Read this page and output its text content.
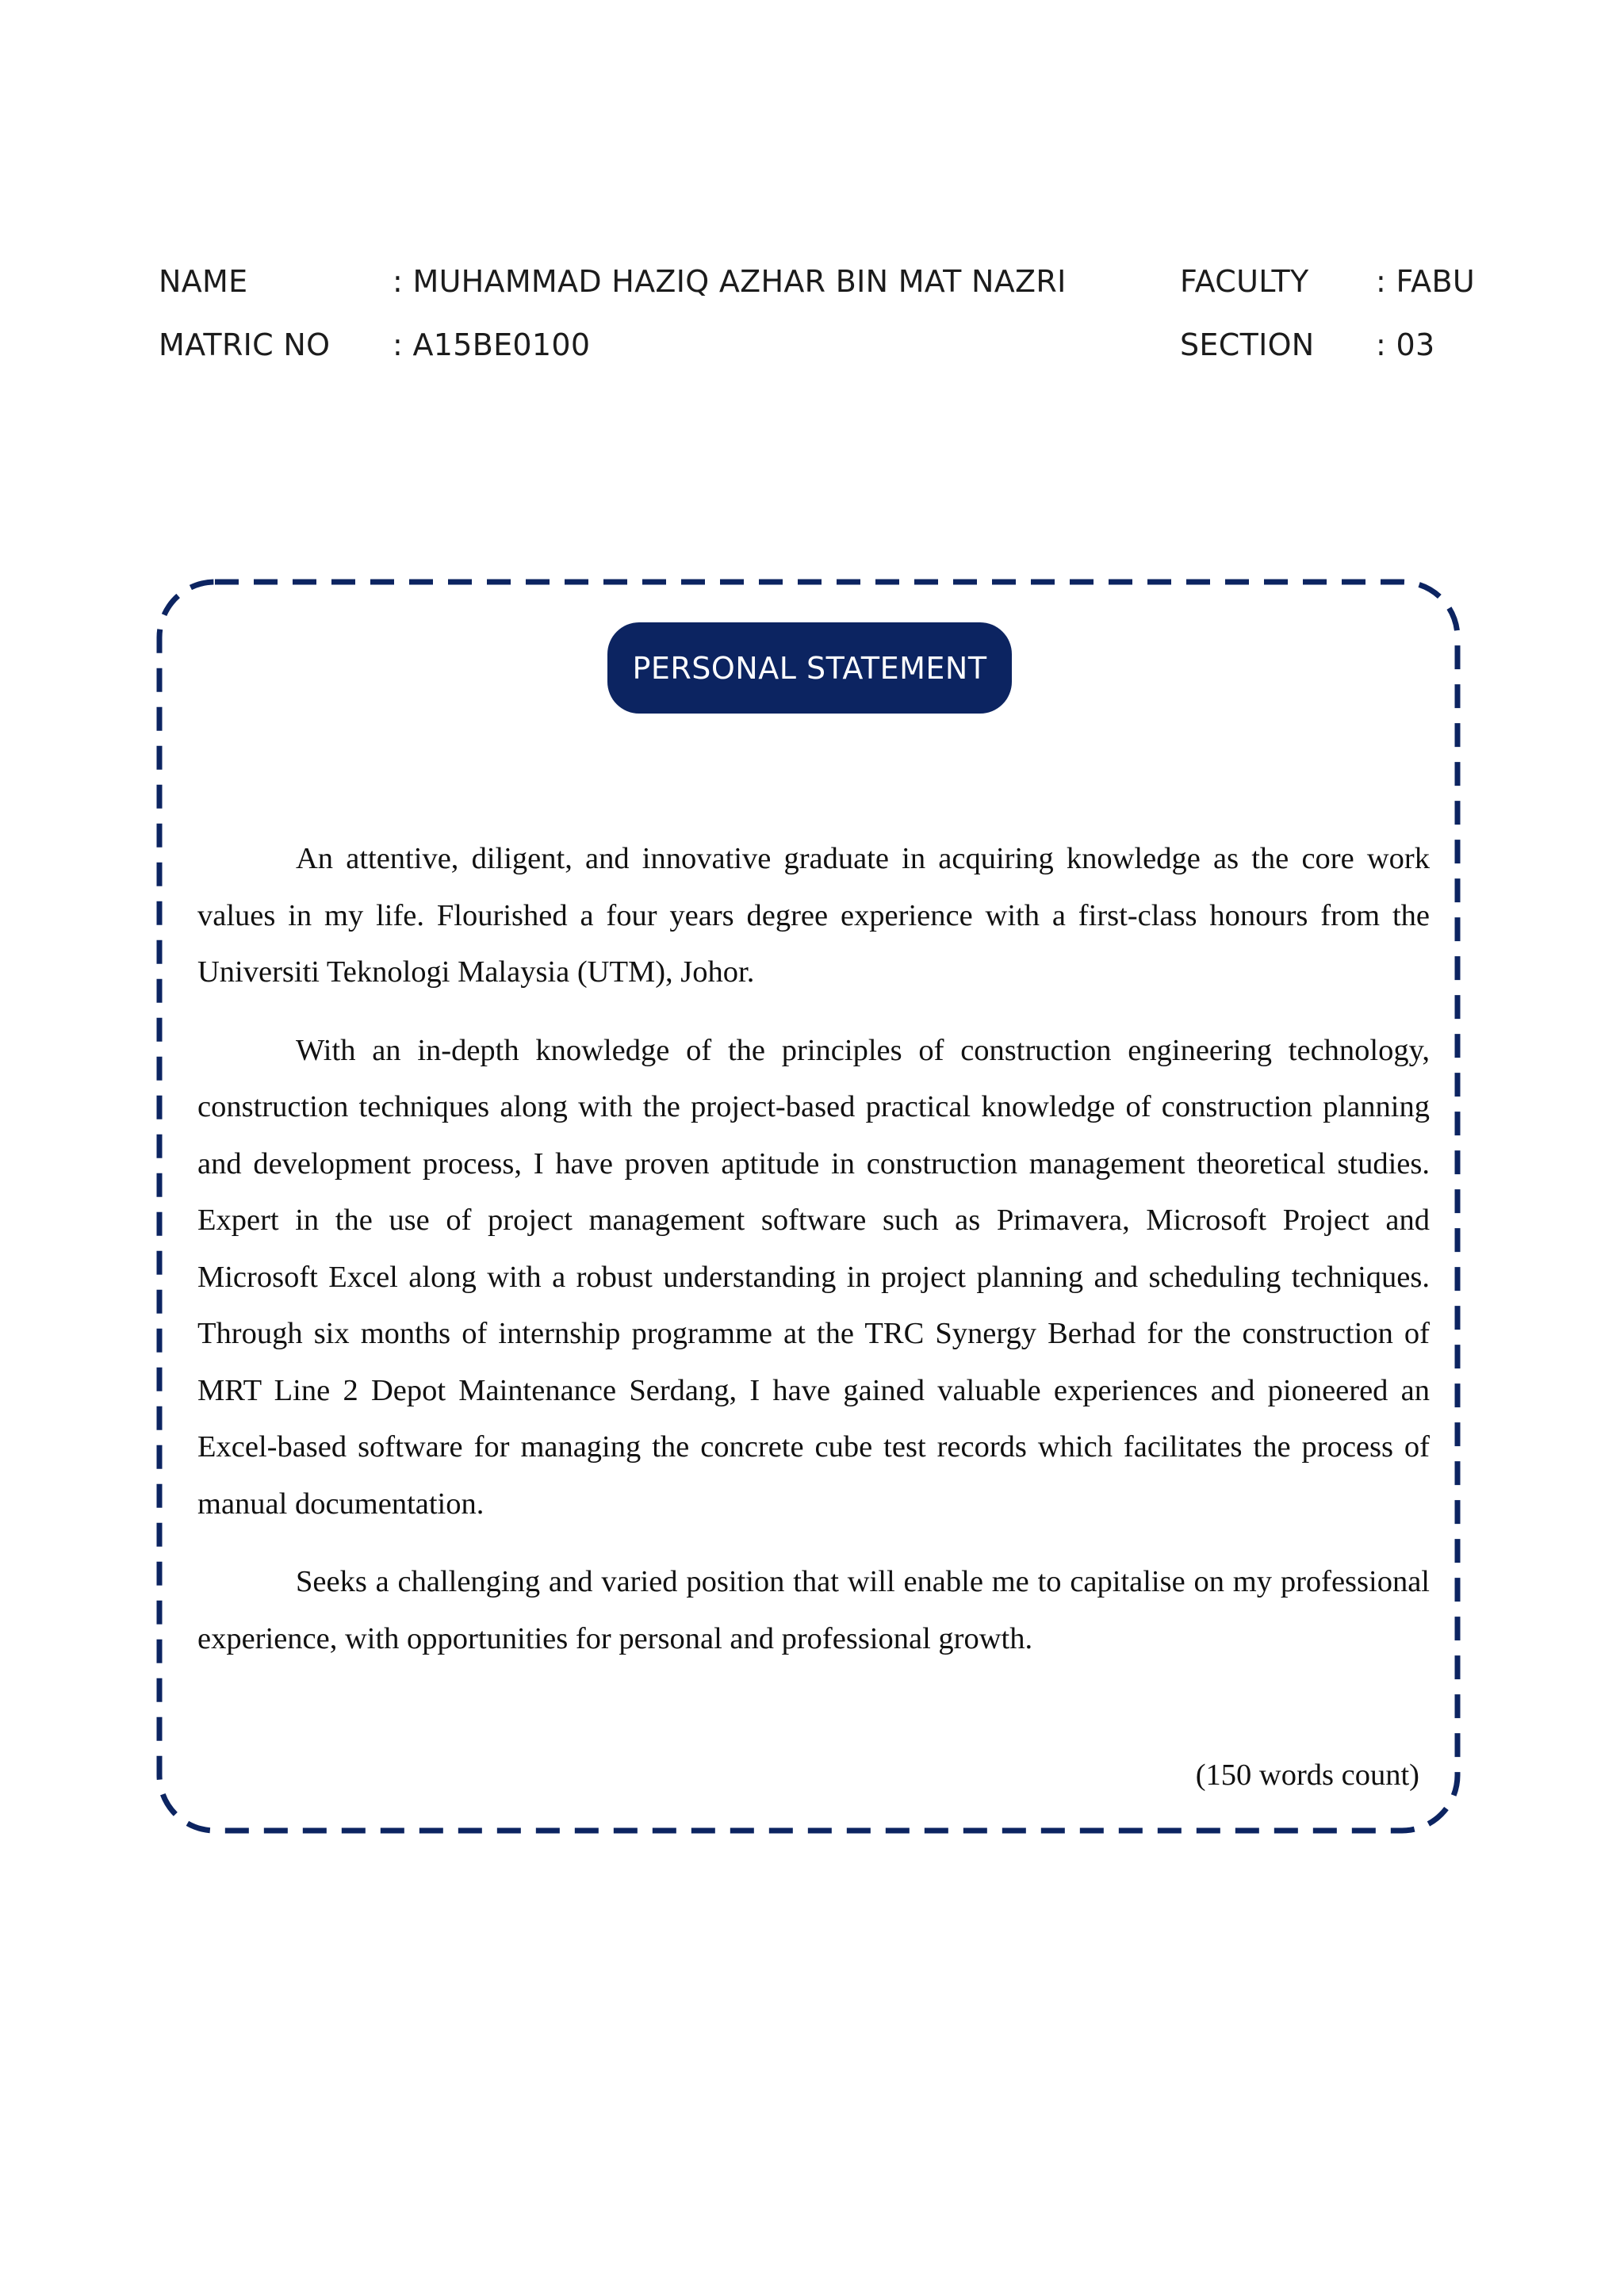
NAME	: MUHAMMAD HAZIQ AZHAR BIN MAT NAZRI	FACULTY : FABU
MATRIC NO : A15BE0100	SECTION : 03
PERSONAL STATEMENT

An attentive, diligent, and innovative graduate in acquiring knowledge as the core work values in my life. Flourished a four years degree experience with a first-class honours from the Universiti Teknologi Malaysia (UTM), Johor.

With an in-depth knowledge of the principles of construction engineering technology, construction techniques along with the project-based practical knowledge of construction planning and development process, I have proven aptitude in construction management theoretical studies. Expert in the use of project management software such as Primavera, Microsoft Project and Microsoft Excel along with a robust understanding in project planning and scheduling techniques. Through six months of internship programme at the TRC Synergy Berhad for the construction of MRT Line 2 Depot Maintenance Serdang, I have gained valuable experiences and pioneered an Excel-based software for managing the concrete cube test records which facilitates the process of manual documentation.

Seeks a challenging and varied position that will enable me to capitalise on my professional experience, with opportunities for personal and professional growth.

(150 words count)
